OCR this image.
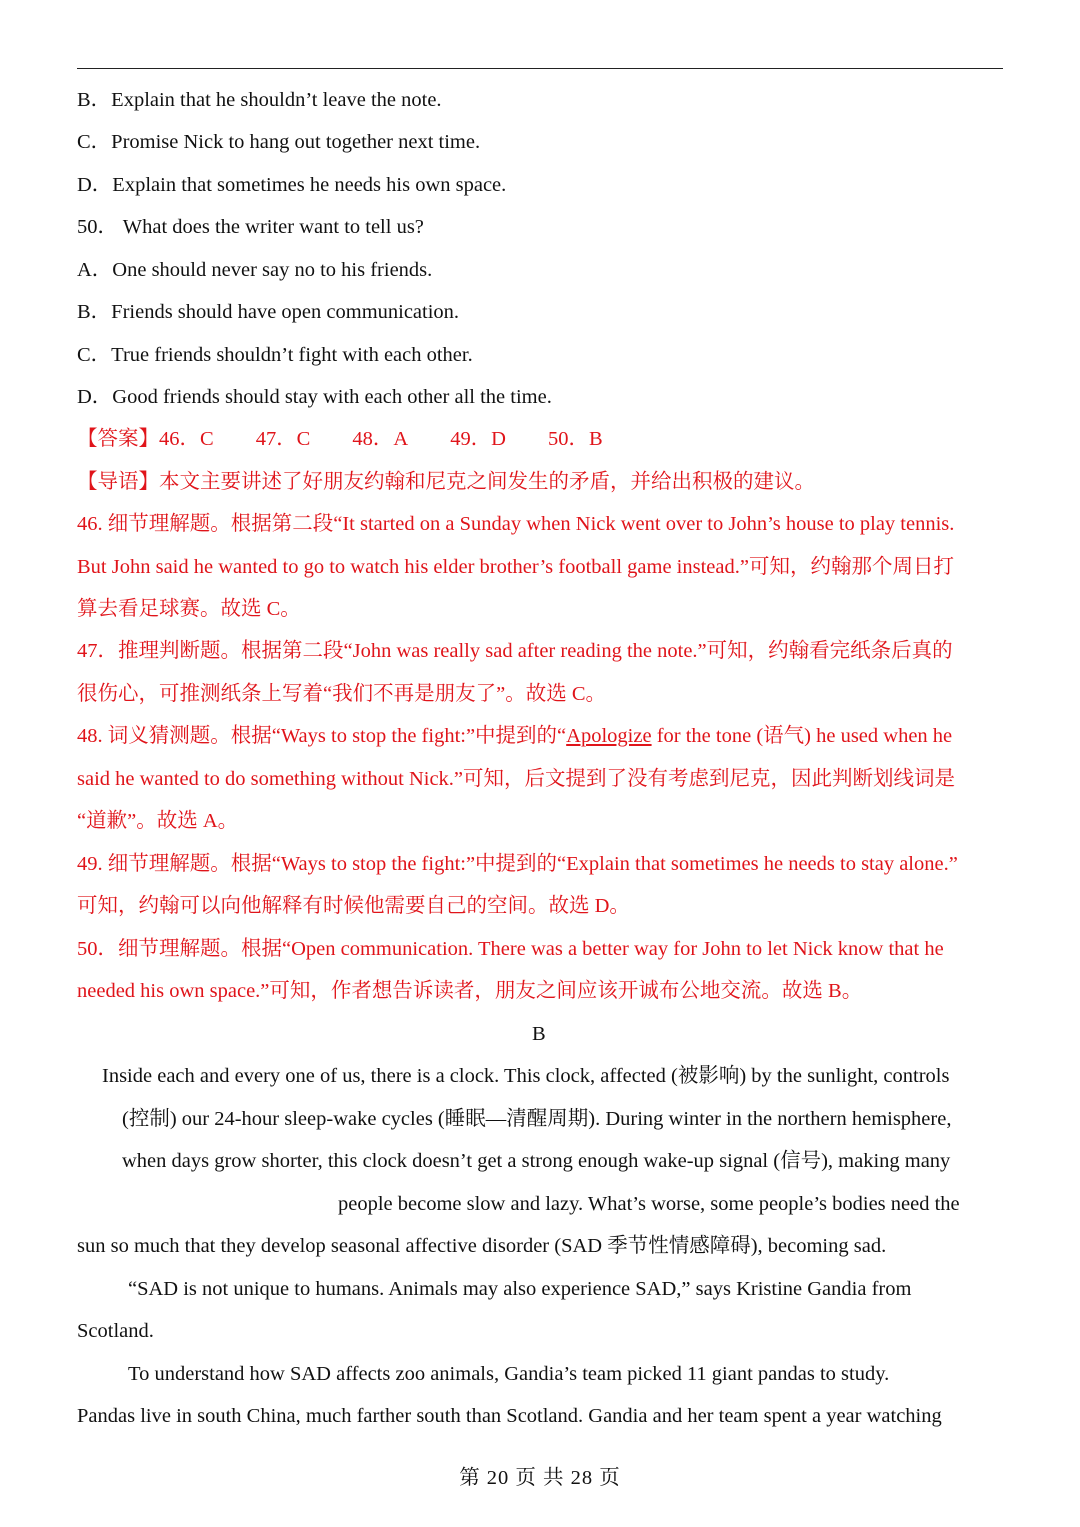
B．Explain that he shouldn’t leave the note.
C．Promise Nick to hang out together next time.
D．Explain that sometimes he needs his own space.
50． What does the writer want to tell us?
A．One should never say no to his friends.
B．Friends should have open communication.
C．True friends shouldn’t fight with each other.
D．Good friends should stay with each other all the time.
【答案】46．C 47．C 48．A 49．D 50．B
【导语】本文主要讲述了好朋友约翰和尼克之间发生的矛盾，并给出积极的建议。
46. 细节理解题。根据第二段“It started on a Sunday when Nick went over to John’s house to play tennis.
But John said he wanted to go to watch his elder brother’s football game instead.”可知，约翰那个周日打
算去看足球赛。故选 C。
47．推理判断题。根据第二段“John was really sad after reading the note.”可知，约翰看完纸条后真的
很伤心，可推测纸条上写着“我们不再是朋友了”。故选 C。
48. 词义猜测题。根据“Ways to stop the fight:”中提到的“Apologize for the tone (语气) he used when he
said he wanted to do something without Nick.”可知，后文提到了没有考虑到尼克，因此判断划线词是
“道歉”。故选 A。
49. 细节理解题。根据“Ways to stop the fight:”中提到的“Explain that sometimes he needs to stay alone.”
可知，约翰可以向他解释有时候他需要自己的空间。故选 D。
50．细节理解题。根据“Open communication. There was a better way for John to let Nick know that he
needed his own space.”可知，作者想告诉读者，朋友之间应该开诚布公地交流。故选 B。
B
Inside each and every one of us, there is a clock. This clock, affected (被影响) by the sunlight, controls
(控制) our 24-hour sleep-wake cycles (睡眠—清醒周期). During winter in the northern hemisphere,
when days grow shorter, this clock doesn’t get a strong enough wake-up signal (信号), making many
people become slow and lazy. What’s worse, some people’s bodies need the
sun so much that they develop seasonal affective disorder (SAD 季节性情感障碍), becoming sad.
“SAD is not unique to humans. Animals may also experience SAD,” says Kristine Gandia from
Scotland.
To understand how SAD affects zoo animals, Gandia’s team picked 11 giant pandas to study.
Pandas live in south China, much farther south than Scotland. Gandia and her team spent a year watching
第 20 页 共 28 页
